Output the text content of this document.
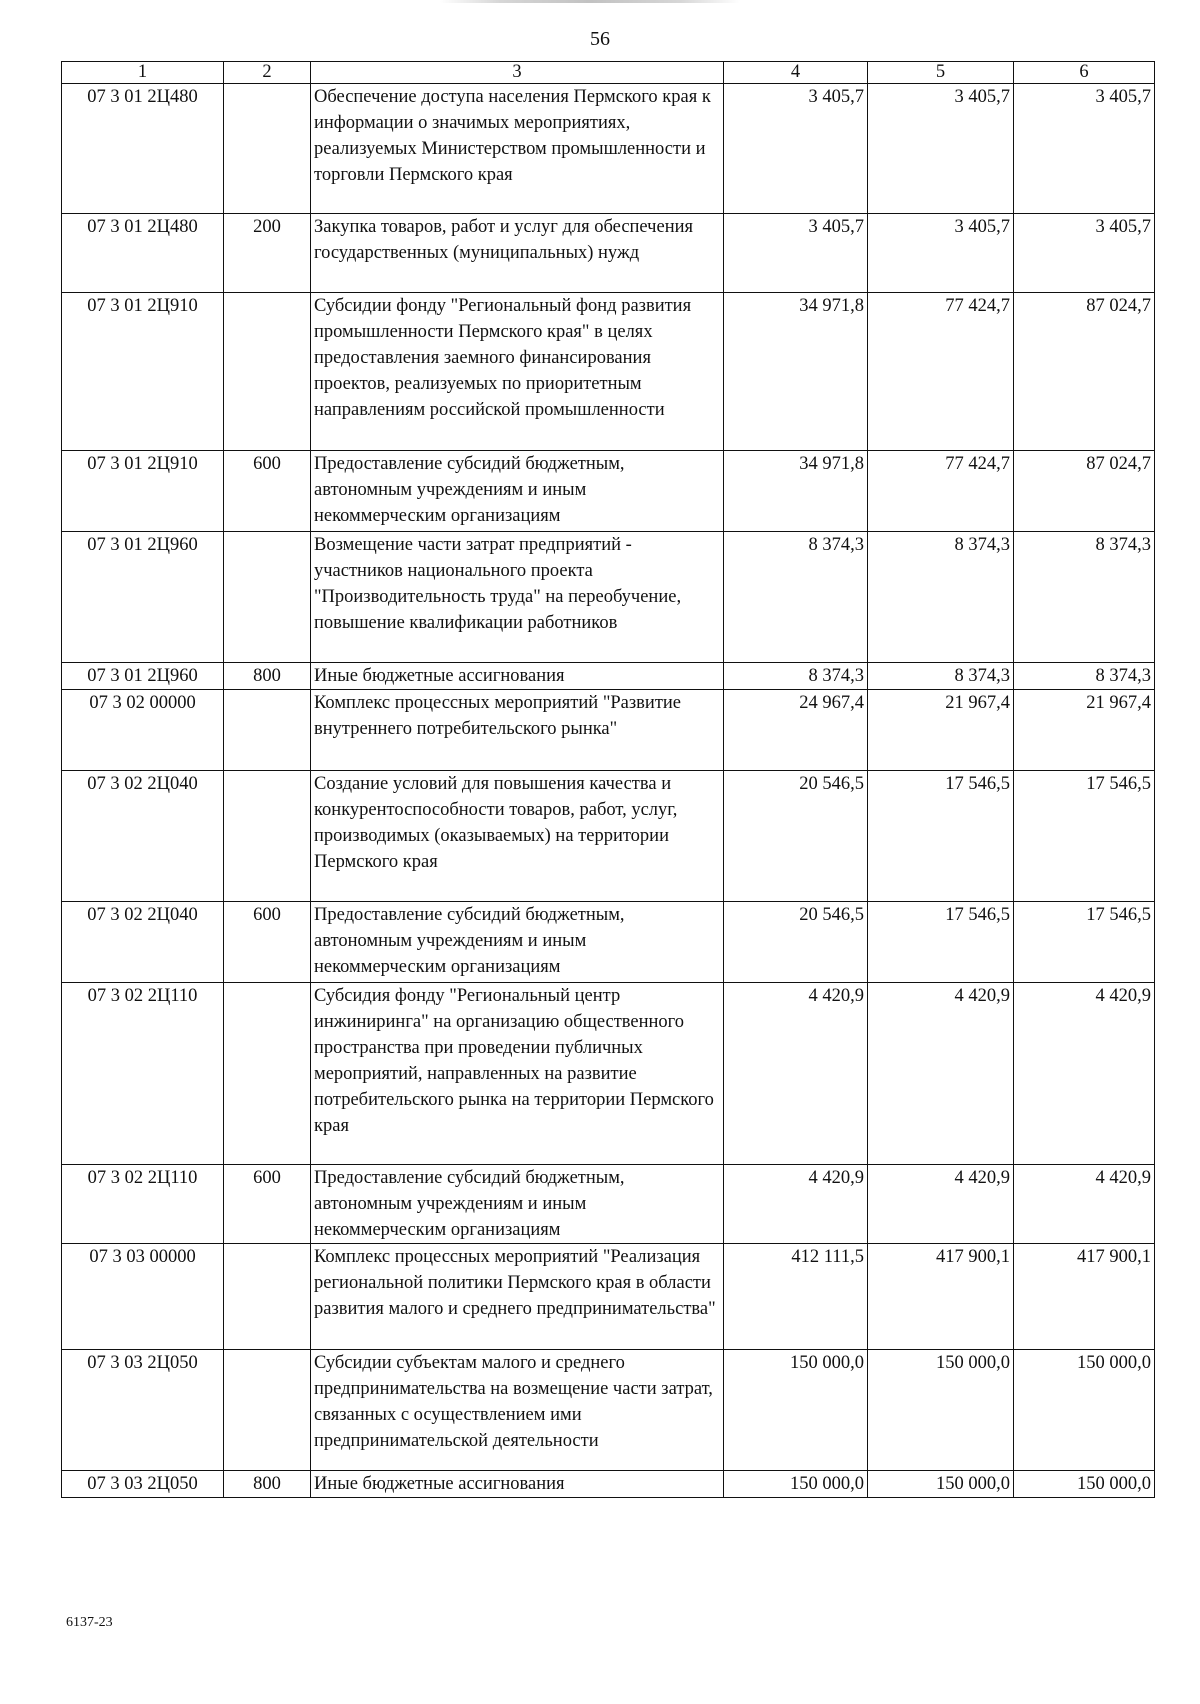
56
1	2	3	4	5	6
07 3 01 2Ц480		Обеспечение доступа населения Пермского края к информации о значимых мероприятиях, реализуемых Министерством промышленности и торговли Пермского края	3 405,7	3 405,7	3 405,7
07 3 01 2Ц480	200	Закупка товаров, работ и услуг для обеспечения государственных (муниципальных) нужд	3 405,7	3 405,7	3 405,7
07 3 01 2Ц910		Субсидии фонду "Региональный фонд развития промышленности Пермского края" в целях предоставления заемного финансирования проектов, реализуемых по приоритетным направлениям российской промышленности	34 971,8	77 424,7	87 024,7
07 3 01 2Ц910	600	Предоставление субсидий бюджетным, автономным учреждениям и иным некоммерческим организациям	34 971,8	77 424,7	87 024,7
07 3 01 2Ц960		Возмещение части затрат предприятий - участников национального проекта "Производительность труда" на переобучение, повышение квалификации работников	8 374,3	8 374,3	8 374,3
07 3 01 2Ц960	800	Иные бюджетные ассигнования	8 374,3	8 374,3	8 374,3
07 3 02 00000		Комплекс процессных мероприятий "Развитие внутреннего потребительского рынка"	24 967,4	21 967,4	21 967,4
07 3 02 2Ц040		Создание условий для повышения качества и конкурентоспособности товаров, работ, услуг, производимых (оказываемых) на территории Пермского края	20 546,5	17 546,5	17 546,5
07 3 02 2Ц040	600	Предоставление субсидий бюджетным, автономным учреждениям и иным некоммерческим организациям	20 546,5	17 546,5	17 546,5
07 3 02 2Ц110		Субсидия фонду "Региональный центр инжиниринга" на организацию общественного пространства при проведении публичных мероприятий, направленных на развитие потребительского рынка на территории Пермского края	4 420,9	4 420,9	4 420,9
07 3 02 2Ц110	600	Предоставление субсидий бюджетным, автономным учреждениям и иным некоммерческим организациям	4 420,9	4 420,9	4 420,9
07 3 03 00000		Комплекс процессных мероприятий "Реализация региональной политики Пермского края в области развития малого и среднего предпринимательства"	412 111,5	417 900,1	417 900,1
07 3 03 2Ц050		Субсидии субъектам малого и среднего предпринимательства на возмещение части затрат, связанных с осуществлением ими предпринимательской деятельности	150 000,0	150 000,0	150 000,0
07 3 03 2Ц050	800	Иные бюджетные ассигнования	150 000,0	150 000,0	150 000,0
6137-23
